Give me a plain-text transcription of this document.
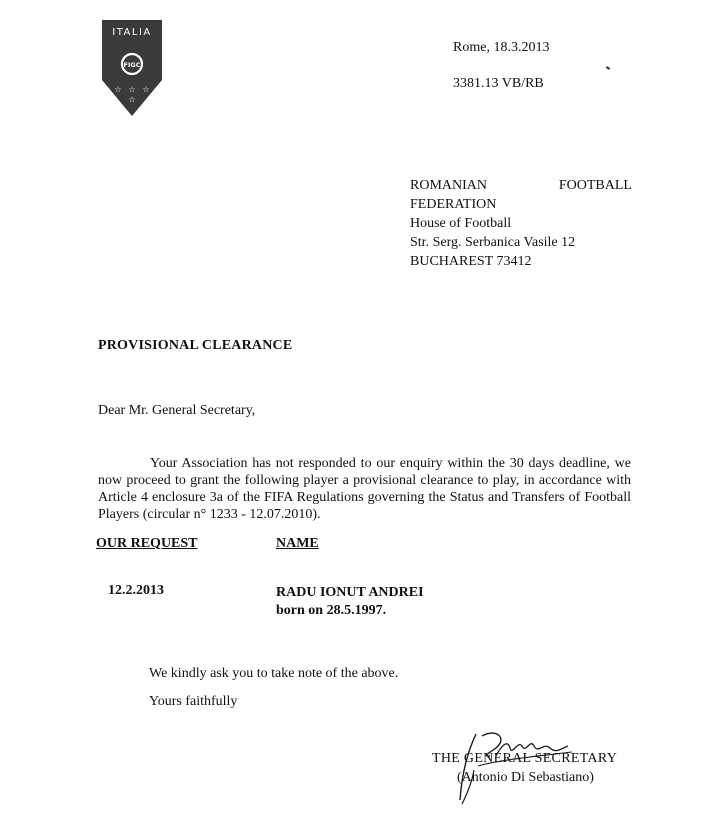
ITALIA
FIGC
☆ ☆ ☆
☆
Rome, 18.3.2013
3381.13 VB/RB
ROMANIAN	FOOTBALL
FEDERATION
House of Football
Str. Serg. Serbanica Vasile 12
BUCHAREST 73412
PROVISIONAL CLEARANCE
Dear Mr. General Secretary,
Your Association has not responded to our enquiry within the 30 days deadline, we now proceed to grant the following player a provisional clearance to play, in accordance with Article 4 enclosure 3a of the FIFA Regulations governing the Status and Transfers of Football Players (circular n° 1233 - 12.07.2010).
OUR REQUEST	NAME
12.2.2013	RADU IONUT ANDREI
born on 28.5.1997.
We kindly ask you to take note of the above.
Yours faithfully
THE GENERAL SECRETARY
(Antonio Di Sebastiano)
